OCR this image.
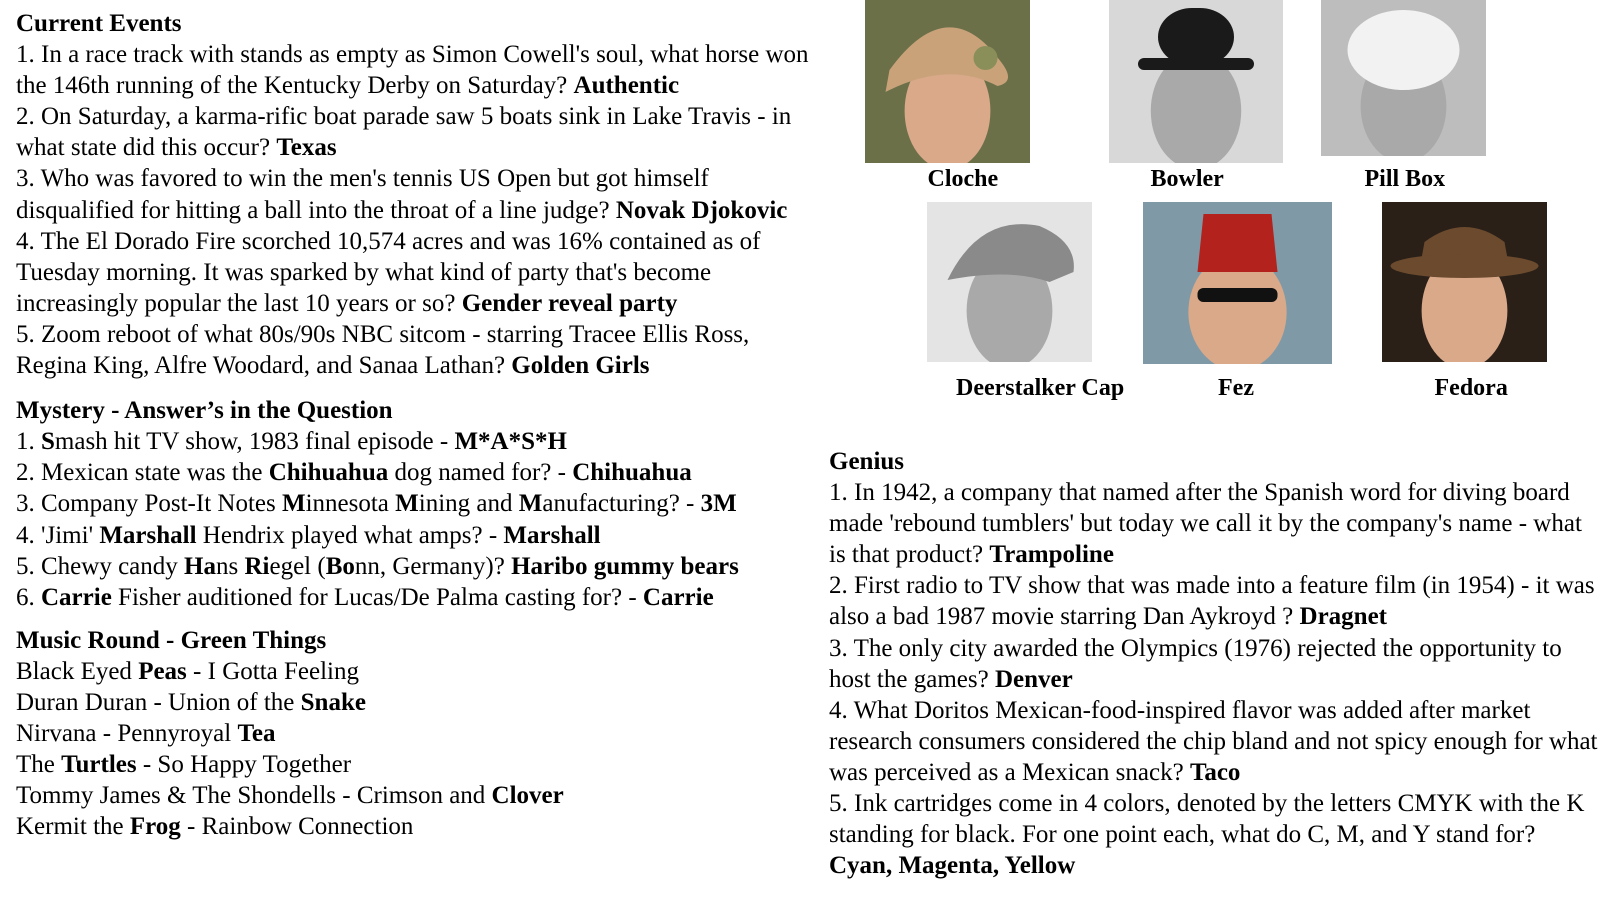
Current Events

1. In a race track with stands as empty as Simon Cowell's soul, what horse won the 146th running of the Kentucky Derby on Saturday? Authentic

2. On Saturday, a karma-rific boat parade saw 5 boats sink in Lake Travis - in what state did this occur? Texas

3. Who was favored to win the men's tennis US Open but got himself disqualified for hitting a ball into the throat of a line judge? Novak Djokovic

4. The El Dorado Fire scorched 10,574 acres and was 16% contained as of Tuesday morning. It was sparked by what kind of party that's become increasingly popular the last 10 years or so? Gender reveal party

5. Zoom reboot of what 80s/90s NBC sitcom - starring Tracee Ellis Ross, Regina King, Alfre Woodard, and Sanaa Lathan? Golden Girls

Mystery - Answer’s in the Question

1. Smash hit TV show, 1983 final episode - M*A*S*H

2. Mexican state was the Chihuahua dog named for? - Chihuahua

3. Company Post-It Notes Minnesota Mining and Manufacturing? - 3M

4. 'Jimi' Marshall Hendrix played what amps? - Marshall

5. Chewy candy Hans Riegel (Bonn, Germany)? Haribo gummy bears

6. Carrie Fisher auditioned for Lucas/De Palma casting for? - Carrie

Music Round - Green Things

Black Eyed Peas - I Gotta Feeling

Duran Duran - Union of the Snake

Nirvana - Pennyroyal Tea

The Turtles - So Happy Together

Tommy James & The Shondells - Crimson and Clover

Kermit the Frog - Rainbow Connection

Genius

1. In 1942, a company that named after the Spanish word for diving board made 'rebound tumblers' but today we call it by the company's name - what is that product? Trampoline

2. First radio to TV show that was made into a feature film (in 1954) - it was also a bad 1987 movie starring Dan Aykroyd ? Dragnet

3. The only city awarded the Olympics (1976) rejected the opportunity to host the games? Denver

4. What Doritos Mexican-food-inspired flavor was added after market research consumers considered the chip bland and not spicy enough for what was perceived as a Mexican snack? Taco

5. Ink cartridges come in 4 colors, denoted by the letters CMYK with the K standing for black. For one point each, what do C, M, and Y stand for? Cyan, Magenta, Yellow

Cloche	Bowler	Pill Box
Deerstalker Cap	Fez	Fedora
